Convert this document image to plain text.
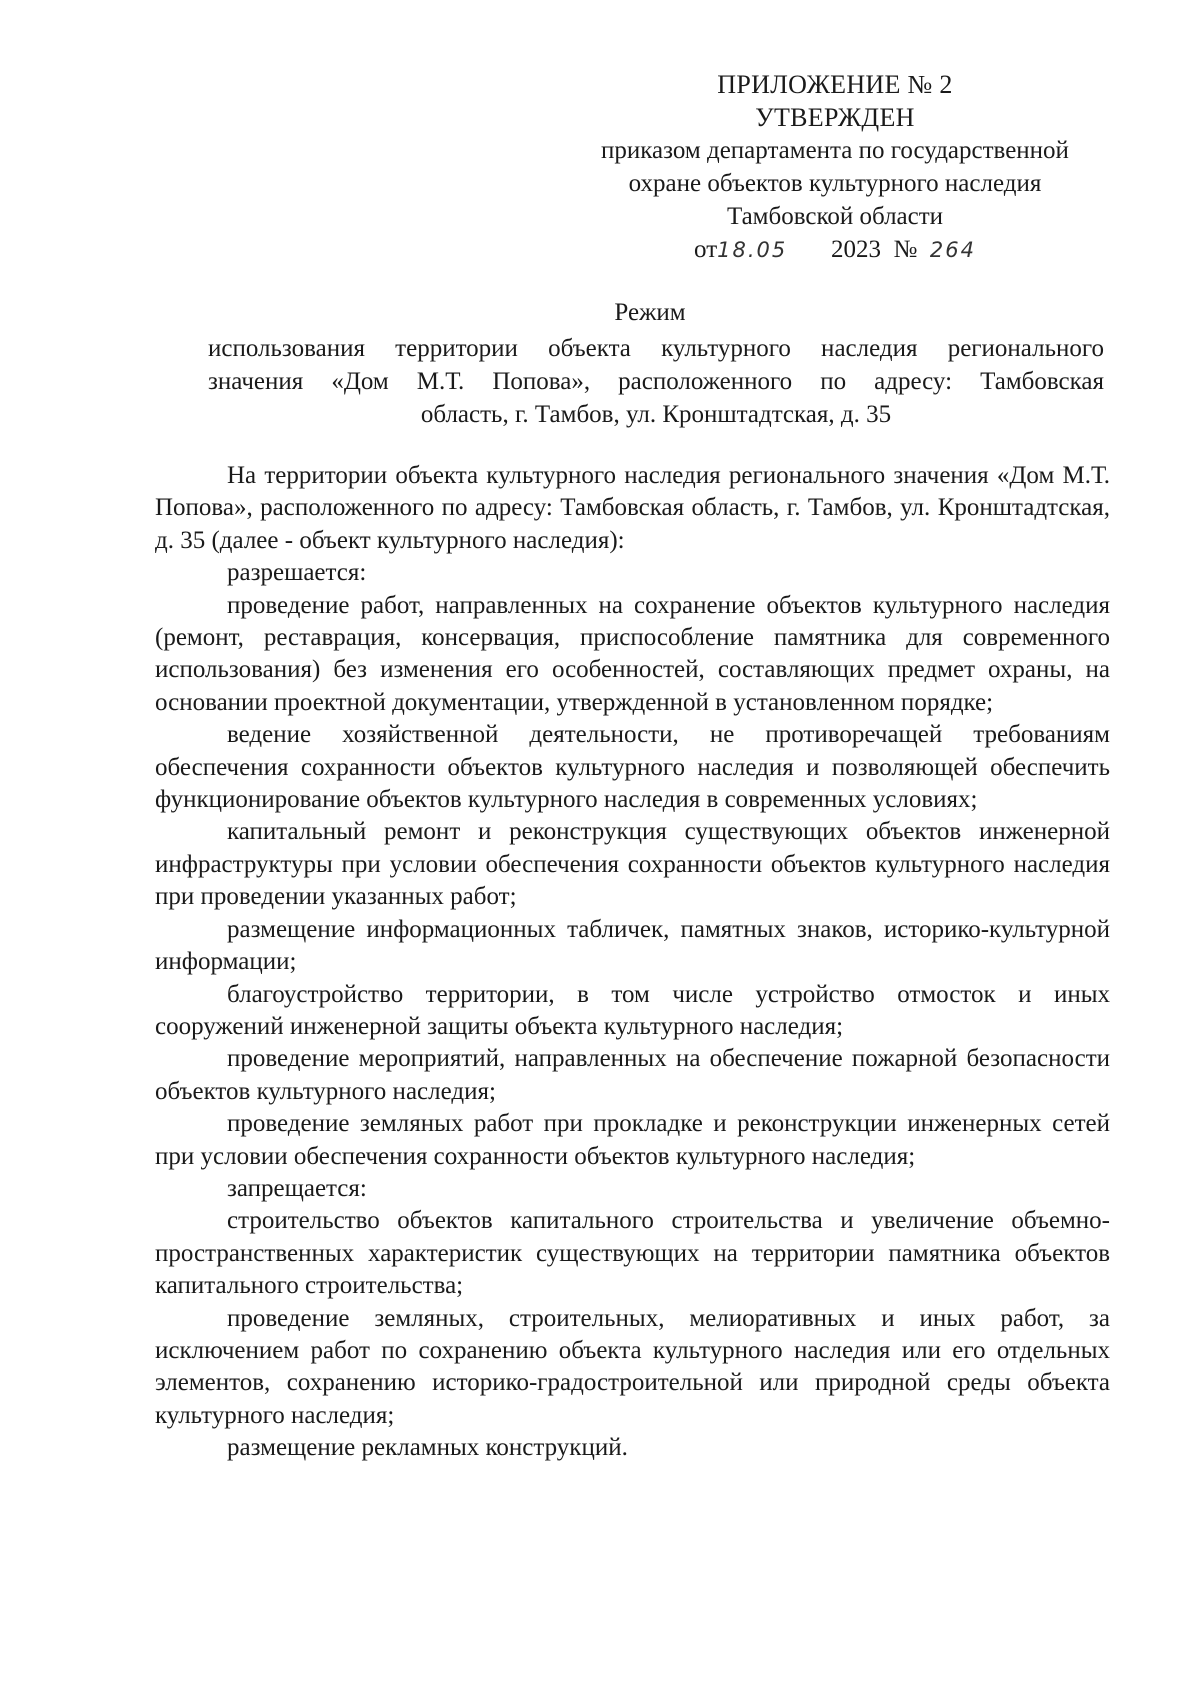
ПРИЛОЖЕНИЕ № 2
УТВЕРЖДЕН
приказом департамента по государственной
охране объектов культурного наследия
Тамбовской области
от18.05 2023 № 264
Режим
использования территории объекта культурного наследия регионального
значения «Дом М.Т. Попова», расположенного по адресу: Тамбовская
область, г. Тамбов, ул. Кронштадтская, д. 35

На территории объекта культурного наследия регионального значения «Дом М.Т. Попова», расположенного по адресу: Тамбовская область, г. Тамбов, ул. Кронштадтская, д. 35 (далее - объект культурного наследия):

разрешается:

проведение работ, направленных на сохранение объектов культурного наследия (ремонт, реставрация, консервация, приспособление памятника для современного использования) без изменения его особенностей, составляющих предмет охраны, на основании проектной документации, утвержденной в установленном порядке;

ведение хозяйственной деятельности, не противоречащей требованиям обеспечения сохранности объектов культурного наследия и позволяющей обеспечить функционирование объектов культурного наследия в современных условиях;

капитальный ремонт и реконструкция существующих объектов инженерной инфраструктуры при условии обеспечения сохранности объектов культурного наследия при проведении указанных работ;

размещение информационных табличек, памятных знаков, историко-культурной информации;

благоустройство территории, в том числе устройство отмосток и иных сооружений инженерной защиты объекта культурного наследия;

проведение мероприятий, направленных на обеспечение пожарной безопасности объектов культурного наследия;

проведение земляных работ при прокладке и реконструкции инженерных сетей при условии обеспечения сохранности объектов культурного наследия;

запрещается:

строительство объектов капитального строительства и увеличение объемно-пространственных характеристик существующих на территории памятника объектов капитального строительства;

проведение земляных, строительных, мелиоративных и иных работ, за исключением работ по сохранению объекта культурного наследия или его отдельных элементов, сохранению историко-градостроительной или природной среды объекта культурного наследия;

размещение рекламных конструкций.
